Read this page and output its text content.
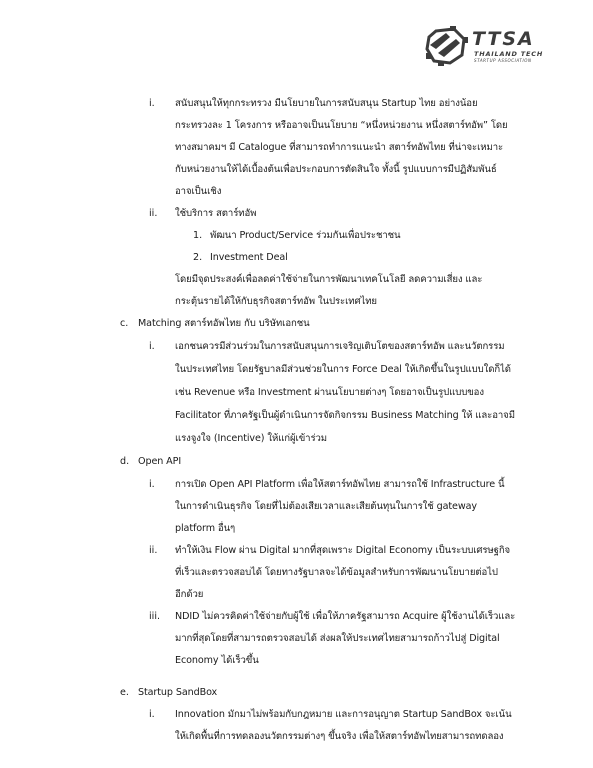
TTSA
THAILAND TECH
STARTUP ASSOCIATION
i. สนับสนุนให้ทุกกระทรวง มีนโยบายในการสนับสนุน Startup ไทย อย่างน้อย
กระทรวงละ 1 โครงการ หรืออาจเป็นนโยบาย “หนึ่งหน่วยงาน หนึ่งสตาร์ทอัพ” โดย
ทางสมาคมฯ มี Catalogue ที่สามารถทำการแนะนำ สตาร์ทอัพไทย ที่น่าจะเหมาะ
กับหน่วยงานให้ได้เบื้องต้นเพื่อประกอบการตัดสินใจ ทั้งนี้ รูปแบบการมีปฏิสัมพันธ์
อาจเป็นเชิง
ii. ใช้บริการ สตาร์ทอัพ
1. พัฒนา Product/Service ร่วมกันเพื่อประชาชน
2. Investment Deal
โดยมีจุดประสงค์เพื่อลดค่าใช้จ่ายในการพัฒนาเทคโนโลยี ลดความเสี่ยง และ
กระตุ้นรายได้ให้กับธุรกิจสตาร์ทอัพ ในประเทศไทย
c. Matching สตาร์ทอัพไทย กับ บริษัทเอกชน
i. เอกชนควรมีส่วนร่วมในการสนับสนุนการเจริญเติบโตของสตาร์ทอัพ และนวัตกรรม
ในประเทศไทย โดยรัฐบาลมีส่วนช่วยในการ Force Deal ให้เกิดขึ้นในรูปแบบใดก็ได้
เช่น Revenue หรือ Investment ผ่านนโยบายต่างๆ โดยอาจเป็นรูปแบบของ
Facilitator ที่ภาครัฐเป็นผู้ดำเนินการจัดกิจกรรม Business Matching ให้ และอาจมี
แรงจูงใจ (Incentive) ให้แก่ผู้เข้าร่วม
d. Open API
i. การเปิด Open API Platform เพื่อให้สตาร์ทอัพไทย สามารถใช้ Infrastructure นี้
ในการดำเนินธุรกิจ โดยที่ไม่ต้องเสียเวลาและเสียต้นทุนในการใช้ gateway
platform อื่นๆ
ii. ทำให้เงิน Flow ผ่าน Digital มากที่สุดเพราะ Digital Economy เป็นระบบเศรษฐกิจ
ที่เร็วและตรวจสอบได้ โดยทางรัฐบาลจะได้ข้อมูลสำหรับการพัฒนานโยบายต่อไป
อีกด้วย
iii. NDID ไม่ควรคิดค่าใช้จ่ายกับผู้ใช้ เพื่อให้ภาครัฐสามารถ Acquire ผู้ใช้งานได้เร็วและ
มากที่สุดโดยที่สามารถตรวจสอบได้ ส่งผลให้ประเทศไทยสามารถก้าวไปสู่ Digital
Economy ได้เร็วขึ้น
e. Startup SandBox
i. Innovation มักมาไม่พร้อมกับกฎหมาย และการอนุญาต Startup SandBox จะเน้น
ให้เกิดพื้นที่การทดลองนวัตกรรมต่างๆ ขึ้นจริง เพื่อให้สตาร์ทอัพไทยสามารถทดลอง
